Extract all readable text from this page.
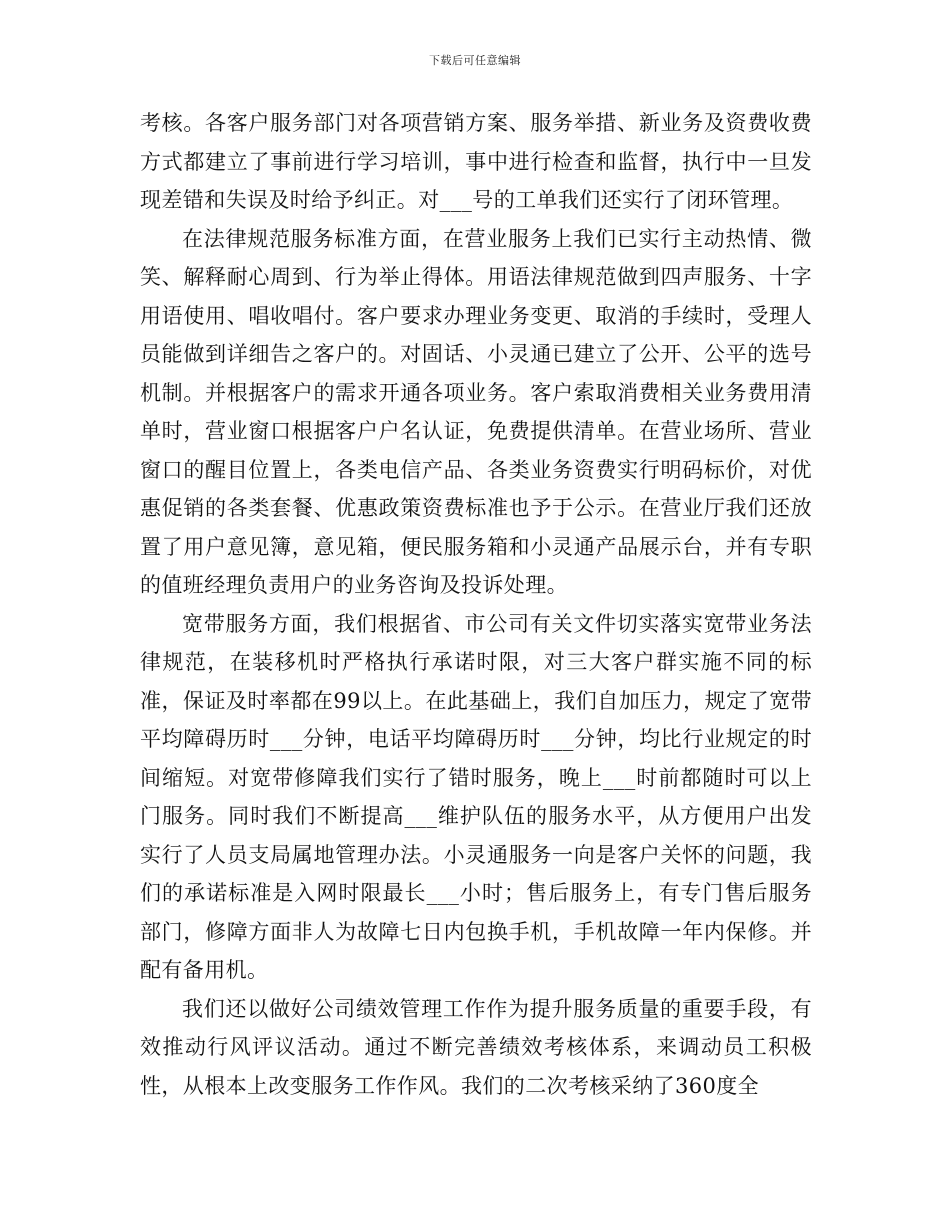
下载后可任意编辑

考核。各客户服务部门对各项营销方案、服务举措、新业务及资费收费方式都建立了事前进行学习培训，事中进行检查和监督，执行中一旦发现差错和失误及时给予纠正。对___号的工单我们还实行了闭环管理。

在法律规范服务标准方面，在营业服务上我们已实行主动热情、微笑、解释耐心周到、行为举止得体。用语法律规范做到四声服务、十字用语使用、唱收唱付。客户要求办理业务变更、取消的手续时，受理人员能做到详细告之客户的。对固话、小灵通已建立了公开、公平的选号机制。并根据客户的需求开通各项业务。客户索取消费相关业务费用清单时，营业窗口根据客户户名认证，免费提供清单。在营业场所、营业窗口的醒目位置上，各类电信产品、各类业务资费实行明码标价，对优惠促销的各类套餐、优惠政策资费标准也予于公示。在营业厅我们还放置了用户意见簿，意见箱，便民服务箱和小灵通产品展示台，并有专职的值班经理负责用户的业务咨询及投诉处理。

宽带服务方面，我们根据省、市公司有关文件切实落实宽带业务法律规范，在装移机时严格执行承诺时限，对三大客户群实施不同的标准，保证及时率都在99以上。在此基础上，我们自加压力，规定了宽带平均障碍历时___分钟，电话平均障碍历时___分钟，均比行业规定的时间缩短。对宽带修障我们实行了错时服务，晚上___时前都随时可以上门服务。同时我们不断提高___维护队伍的服务水平，从方便用户出发实行了人员支局属地管理办法。小灵通服务一向是客户关怀的问题，我们的承诺标准是入网时限最长___小时；售后服务上，有专门售后服务部门，修障方面非人为故障七日内包换手机，手机故障一年内保修。并配有备用机。

我们还以做好公司绩效管理工作作为提升服务质量的重要手段，有效推动行风评议活动。通过不断完善绩效考核体系，来调动员工积极性，从根本上改变服务工作作风。我们的二次考核采纳了360度全
